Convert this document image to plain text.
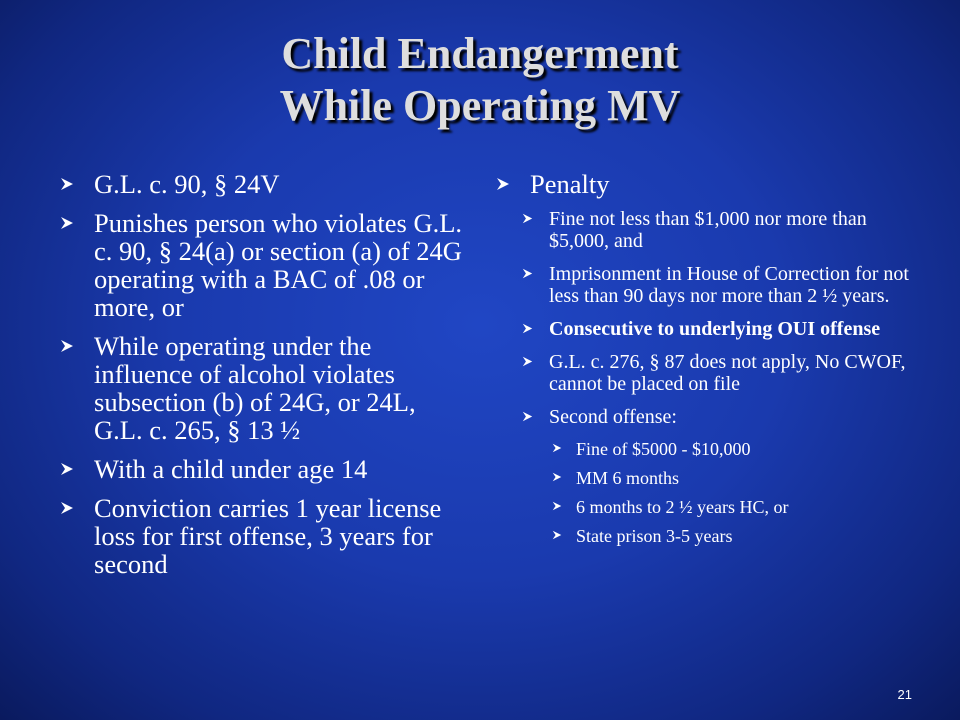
Child Endangerment
While Operating MV
G.L. c. 90, § 24V
Punishes person who violates G.L. c. 90, § 24(a) or section (a) of 24G operating with a BAC of .08 or more, or
While operating under the influence of alcohol violates subsection (b) of 24G, or 24L, G.L. c. 265, § 13 ½
With a child under age 14
Conviction carries 1 year license loss for first offense, 3 years for second
Penalty
Fine not less than $1,000 nor more than $5,000, and
Imprisonment in House of Correction for not less than 90 days nor more than 2 ½ years.
Consecutive to underlying OUI offense
G.L. c. 276, § 87 does not apply, No CWOF, cannot be placed on file
Second offense:
Fine of $5000 - $10,000
MM 6 months
6 months to 2 ½ years HC, or
State prison 3-5 years
21
